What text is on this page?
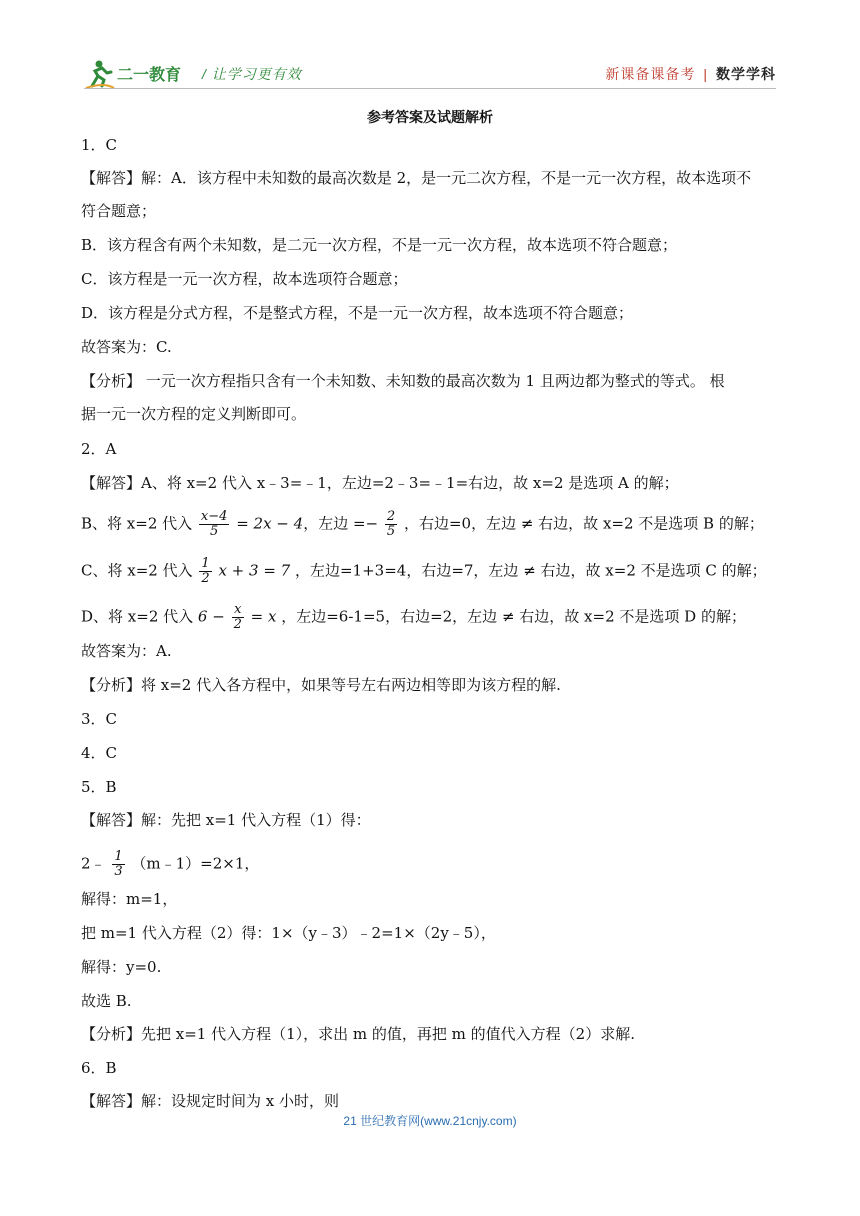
二一教育 / 让学习更有效	新课备课备考 | 数学学科
参考答案及试题解析
1．C
【解答】解：A．该方程中未知数的最高次数是 2，是一元二次方程，不是一元一次方程，故本选项不
符合题意；
B．该方程含有两个未知数，是二元一次方程，不是一元一次方程，故本选项不符合题意；
C．该方程是一元一次方程，故本选项符合题意；
D．该方程是分式方程，不是整式方程，不是一元一次方程，故本选项不符合题意；
故答案为：C.
【分析】 一元一次方程指只含有一个未知数、未知数的最高次数为 1 且两边都为整式的等式。 根
据一元一次方程的定义判断即可。
2．A
【解答】A、将 x=2 代入 x﹣3=﹣1，左边=2﹣3=﹣1=右边，故 x=2 是选项 A 的解；
B、将 x=2 代入 $\frac{x-4}{5} = 2x - 4$，左边 =− $\frac{2}{5}$ ，右边=0，左边 ≠ 右边，故 x=2 不是选项 B 的解；
C、将 x=2 代入 $\frac{1}{2}$ x + 3 = 7 ，左边=1+3=4，右边=7，左边 ≠ 右边，故 x=2 不是选项 C 的解；
D、将 x=2 代入 $6 - \frac{x}{2} = x$ ，左边=6-1=5，右边=2，左边 ≠ 右边，故 x=2 不是选项 D 的解；
故答案为：A.
【分析】将 x=2 代入各方程中，如果等号左右两边相等即为该方程的解.
3．C
4．C
5．B
【解答】解：先把 x=1 代入方程（1）得：
2﹣ $\frac{1}{3}$ （m﹣1）=2×1，
解得：m=1，
把 m=1 代入方程（2）得：1×（y﹣3）﹣2=1×（2y﹣5），
解得：y=0.
故选 B.
【分析】先把 x=1 代入方程（1），求出 m 的值，再把 m 的值代入方程（2）求解.
6．B
【解答】解：设规定时间为 x 小时，则
21 世纪教育网(www.21cnjy.com)
